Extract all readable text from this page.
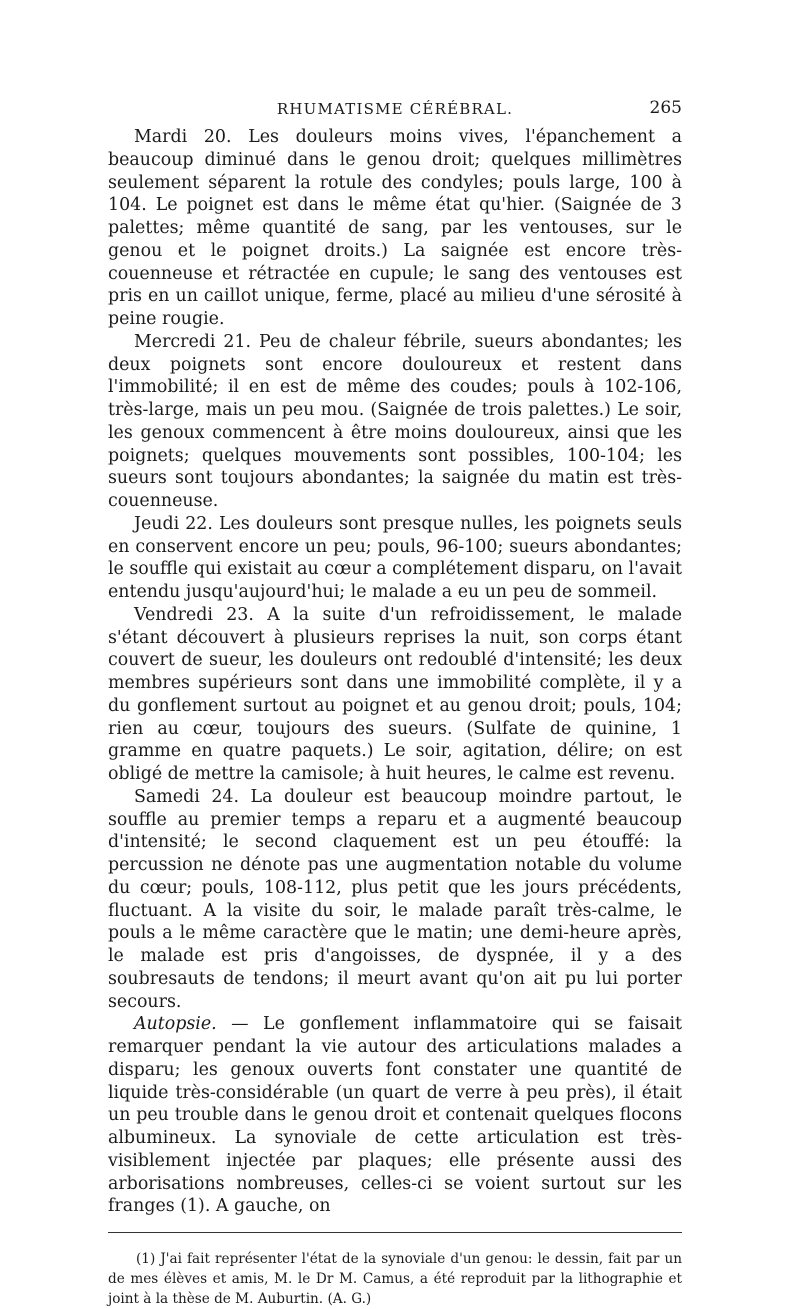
RHUMATISME CÉRÉBRAL.	265

Mardi 20. Les douleurs moins vives, l'épanchement a beaucoup diminué dans le genou droit; quelques millimètres seulement séparent la rotule des condyles; pouls large, 100 à 104. Le poignet est dans le même état qu'hier. (Saignée de 3 palettes; même quantité de sang, par les ventouses, sur le genou et le poignet droits.) La saignée est encore très-couenneuse et rétractée en cupule; le sang des ventouses est pris en un caillot unique, ferme, placé au milieu d'une sérosité à peine rougie.

Mercredi 21. Peu de chaleur fébrile, sueurs abondantes; les deux poignets sont encore douloureux et restent dans l'immobilité; il en est de même des coudes; pouls à 102-106, très-large, mais un peu mou. (Saignée de trois palettes.) Le soir, les genoux commencent à être moins douloureux, ainsi que les poignets; quelques mouvements sont possibles, 100-104; les sueurs sont toujours abondantes; la saignée du matin est très-couenneuse.

Jeudi 22. Les douleurs sont presque nulles, les poignets seuls en conservent encore un peu; pouls, 96-100; sueurs abondantes; le souffle qui existait au cœur a complétement disparu, on l'avait entendu jusqu'aujourd'hui; le malade a eu un peu de sommeil.

Vendredi 23. A la suite d'un refroidissement, le malade s'étant découvert à plusieurs reprises la nuit, son corps étant couvert de sueur, les douleurs ont redoublé d'intensité; les deux membres supérieurs sont dans une immobilité complète, il y a du gonflement surtout au poignet et au genou droit; pouls, 104; rien au cœur, toujours des sueurs. (Sulfate de quinine, 1 gramme en quatre paquets.) Le soir, agitation, délire; on est obligé de mettre la camisole; à huit heures, le calme est revenu.

Samedi 24. La douleur est beaucoup moindre partout, le souffle au premier temps a reparu et a augmenté beaucoup d'intensité; le second claquement est un peu étouffé: la percussion ne dénote pas une augmentation notable du volume du cœur; pouls, 108-112, plus petit que les jours précédents, fluctuant. A la visite du soir, le malade paraît très-calme, le pouls a le même caractère que le matin; une demi-heure après, le malade est pris d'angoisses, de dyspnée, il y a des soubresauts de tendons; il meurt avant qu'on ait pu lui porter secours.

Autopsie. — Le gonflement inflammatoire qui se faisait remarquer pendant la vie autour des articulations malades a disparu; les genoux ouverts font constater une quantité de liquide très-considérable (un quart de verre à peu près), il était un peu trouble dans le genou droit et contenait quelques flocons albumineux. La synoviale de cette articulation est très-visiblement injectée par plaques; elle présente aussi des arborisations nombreuses, celles-ci se voient surtout sur les franges (1). A gauche, on

(1) J'ai fait représenter l'état de la synoviale d'un genou: le dessin, fait par un de mes élèves et amis, M. le Dr M. Camus, a été reproduit par la lithographie et joint à la thèse de M. Auburtin. (A. G.)
